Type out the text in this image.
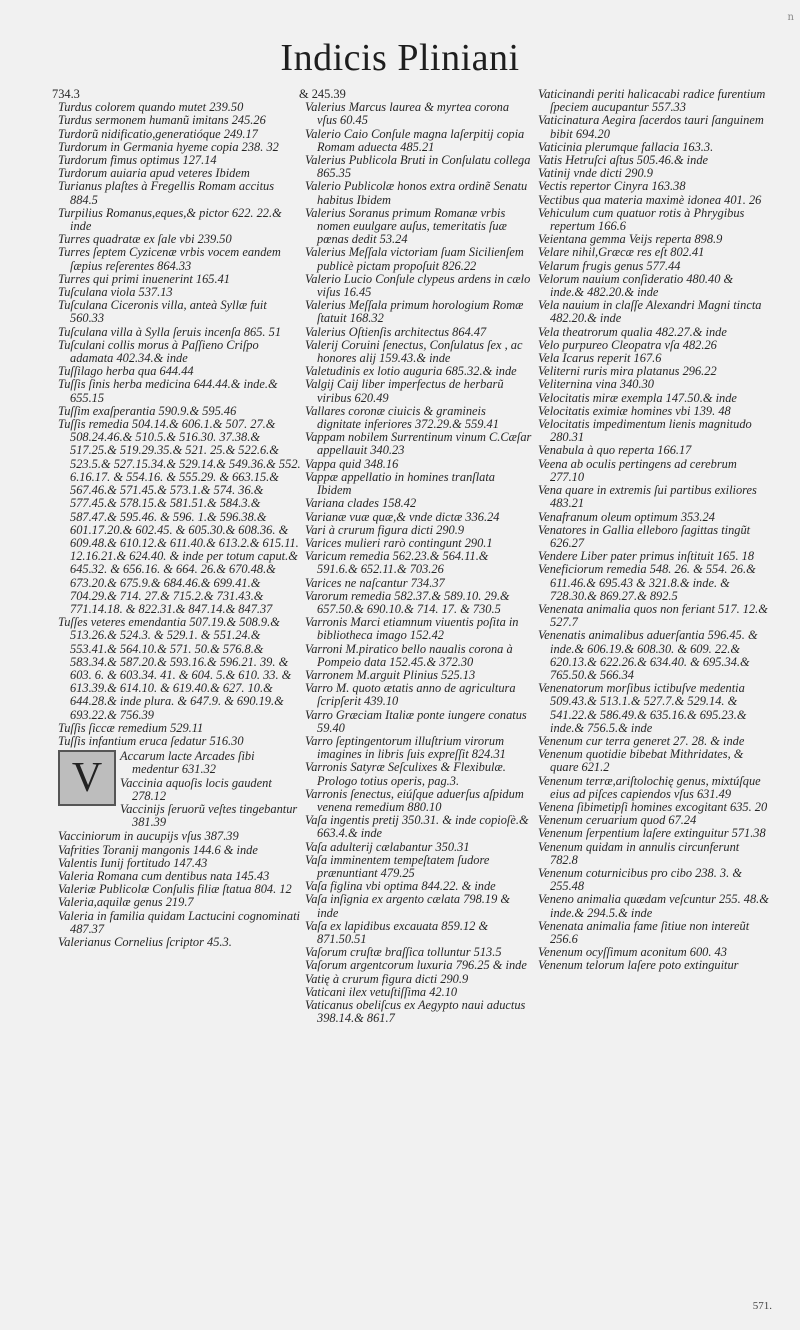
n
Indicis Pliniani

734.3

Turdus colorem quando mutet 239.50

Turdus sermonem humanũ imitans 245.26

Turdorũ nidificatio,generatióque 249.17

Turdorum in Germania hyeme copia 238. 32

Turdorum fimus optimus 127.14

Turdorum auiaria apud veteres Ibidem

Turianus plaſtes à Fregellis Romam accitus 884.5

Turpilius Romanus,eques,& pictor 622. 22.& inde

Turres quadratæ ex ſale vbi 239.50

Turres ſeptem Cyzicenæ vrbis vocem eandem ſæpius reſerentes 864.33

Turres qui primi inuenerint 165.41

Tuſculana viola 537.13

Tuſculana Ciceronis villa, anteà Syllæ fuit 560.33

Tuſculana villa à Sylla ſeruis incenſa 865. 51

Tuſculani collis morus à Paſſieno Criſpo adamata 402.34.& inde

Tuſſilago herba qua 644.44

Tuſſis ſinis herba medicina 644.44.& inde.& 655.15

Tuſſim exaſperantia 590.9.& 595.46

Tuſſis remedia 504.14.& 606.1.& 507. 27.& 508.24.46.& 510.5.& 516.30. 37.38.& 517.25.& 519.29.35.& 521. 25.& 522.6.& 523.5.& 527.15.34.& 529.14.& 549.36.& 552. 6.16.17. & 554.16. & 555.29. & 663.15.& 567.46.& 571.45.& 573.1.& 574. 36.& 577.45.& 578.15.& 581.51.& 584.3.& 587.47.& 595.46. & 596. 1.& 596.38.& 601.17.20.& 602.45. & 605.30.& 608.36. & 609.48.& 610.12.& 611.40.& 613.2.& 615.11. 12.16.21.& 624.40. & inde per totum caput.& 645.32. & 656.16. & 664. 26.& 670.48.& 673.20.& 675.9.& 684.46.& 699.41.& 704.29.& 714. 27.& 715.2.& 731.43.& 771.14.18. & 822.31.& 847.14.& 847.37

Tuſſes veteres emendantia 507.19.& 508.9.& 513.26.& 524.3. & 529.1. & 551.24.& 553.41.& 564.10.& 571. 50.& 576.8.& 583.34.& 587.20.& 593.16.& 596.21. 39. & 603. 6. & 603.34. 41. & 604. 5.& 610. 33. & 613.39.& 614.10. & 619.40.& 627. 10.& 644.28.& inde plura. & 647.9. & 690.19.& 693.22.& 756.39

Tuſſis ſiccæ remedium 529.11

Tuſſis infantium eruca ſedatur 516.30

V	Accarum lacte Arcades ſibi medentur 631.32

Vaccinia aquoſis locis gaudent 278.12

Vaccinijs ſeruorũ veſtes tingebantur 381.39

Vacciniorum in aucupijs vſus 387.39

Vafrities Toranij mangonis 144.6 & inde

Valentis Iunij fortitudo 147.43

Valeria Romana cum dentibus nata 145.43

Valeriæ Publicolæ Conſulis filiæ ſtatua 804. 12

Valeria,aquilæ genus 219.7

Valeria in familia quidam Lactucini cognominati 487.37

Valerianus Cornelius ſcriptor 45.3.

& 245.39

Valerius Marcus laurea & myrtea corona vſus 60.45

Valerio Caio Conſule magna laſerpitij copia Romam aduecta 485.21

Valerius Publicola Bruti in Conſulatu collega 865.35

Valerio Publicolæ honos extra ordinẽ Senatu habitus Ibidem

Valerius Soranus primum Romanæ vrbis nomen euulgare auſus, temeritatis ſuæ pœnas dedit 53.24

Valerius Meſſala victoriam ſuam Sicilienſem publicè pictam propoſuit 826.22

Valerio Lucio Conſule clypeus ardens in cælo viſus 16.45

Valerius Meſſala primum horologium Romæ ſtatuit 168.32

Valerius Oſtienſis architectus 864.47

Valerij Coruini ſenectus, Conſulatus ſex , ac honores alij 159.43.& inde

Valetudinis ex lotio auguria 685.32.& inde

Valgij Caij liber imperfectus de herbarũ viribus 620.49

Vallares coronæ ciuicis & gramineis dignitate inferiores 372.29.& 559.41

Vappam nobilem Surrentinum vinum C.Cæſar appellauit 340.23

Vappa quid 348.16

Vappæ appellatio in homines tranſlata Ibidem

Variana clades 158.42

Varianæ vuæ quæ,& vnde dictæ 336.24

Vari à crurum figura dicti 290.9

Varices mulieri rarò contingunt 290.1

Varicum remedia 562.23.& 564.11.& 591.6.& 652.11.& 703.26

Varices ne naſcantur 734.37

Varorum remedia 582.37.& 589.10. 29.& 657.50.& 690.10.& 714. 17. & 730.5

Varronis Marci etiamnum viuentis poſita in bibliotheca imago 152.42

Varroni M.piratico bello naualis corona à Pompeio data 152.45.& 372.30

Varronem M.arguit Plinius 525.13

Varro M. quoto ætatis anno de agricultura ſcripſerit 439.10

Varro Græciam Italiæ ponte iungere conatus 59.40

Varro ſeptingentorum illuſtrium virorum imagines in libris ſuis expreſſit 824.31

Varronis Satyræ Seſculixes & Flexibulæ. Prologo totius operis, pag.3.

Varronis ſenectus, eiúſque aduerſus aſpidum venena remedium 880.10

Vaſa ingentis pretij 350.31. & inde copioſè.& 663.4.& inde

Vaſa adulterij cælabantur 350.31

Vaſa imminentem tempeſtatem ſudore prænuntiant 479.25

Vaſa figlina vbi optima 844.22. & inde

Vaſa inſignia ex argento cælata 798.19 & inde

Vaſa ex lapidibus excauata 859.12 & 871.50.51

Vaſorum cruſtæ braſſica tolluntur 513.5

Vaſorum argentcorum luxuria 796.25 & inde

Vatię à crurum figura dicti 290.9

Vaticani ilex vetuſtiſſima 42.10

Vaticanus obeliſcus ex Aegypto naui aductus 398.14.& 861.7

Vaticinandi periti halicacabi radice furentium ſpeciem aucupantur 557.33

Vaticinatura Aegira ſacerdos tauri ſanguinem bibit 694.20

Vaticinia plerumque fallacia 163.3.

Vatis Hetruſci aſtus 505.46.& inde

Vatinij vnde dicti 290.9

Vectis repertor Cinyra 163.38

Vectibus qua materia maximè idonea 401. 26

Vehiculum cum quatuor rotis à Phrygibus repertum 166.6

Veientana gemma Veijs reperta 898.9

Velare nihil,Græcæ res eſt 802.41

Velarum frugis genus 577.44

Velorum nauium conſideratio 480.40 & inde.& 482.20.& inde

Vela nauium in claſſe Alexandri Magni tincta 482.20.& inde

Vela theatrorum qualia 482.27.& inde

Velo purpureo Cleopatra vſa 482.26

Vela Icarus reperit 167.6

Veliterni ruris mira platanus 296.22

Veliternina vina 340.30

Velocitatis miræ exempla 147.50.& inde

Velocitatis eximiæ homines vbi 139. 48

Velocitatis impedimentum lienis magnitudo 280.31

Venabula à quo reperta 166.17

Veena ab oculis pertingens ad cerebrum 277.10

Vena quare in extremis ſui partibus exiliores 483.21

Venafranum oleum optimum 353.24

Venatores in Gallia elleboro ſagittas tingũt 626.27

Vendere Liber pater primus inſtituit 165. 18

Veneficiorum remedia 548. 26. & 554. 26.& 611.46.& 695.43 & 321.8.& inde. & 728.30.& 869.27.& 892.5

Venenata animalia quos non feriant 517. 12.& 527.7

Venenatis animalibus aduerſantia 596.45. & inde.& 606.19.& 608.30. & 609. 22.& 620.13.& 622.26.& 634.40. & 695.34.& 765.50.& 566.34

Venenatorum morſibus ictibuſve medentia 509.43.& 513.1.& 527.7.& 529.14. & 541.22.& 586.49.& 635.16.& 695.23.& inde.& 756.5.& inde

Venenum cur terra generet 27. 28. & inde

Venenum quotidie bibebat Mithridates, & quare 621.2

Venenum terræ,ariſtolochię genus, mixtúſque eius ad piſces capiendos vſus 631.49

Venena ſibimetipſi homines excogitant 635. 20

Venenum ceruarium quod 67.24

Venenum ſerpentium laſere extinguitur 571.38

Venenum quidam in annulis circunferunt 782.8

Venenum coturnicibus pro cibo 238. 3. & 255.48

Veneno animalia quædam veſcuntur 255. 48.& inde.& 294.5.& inde

Venenata animalia fame ſitiue non intereũt 256.6

Venenum ocyſſimum aconitum 600. 43

Venenum telorum laſere poto extinguitur

571.
